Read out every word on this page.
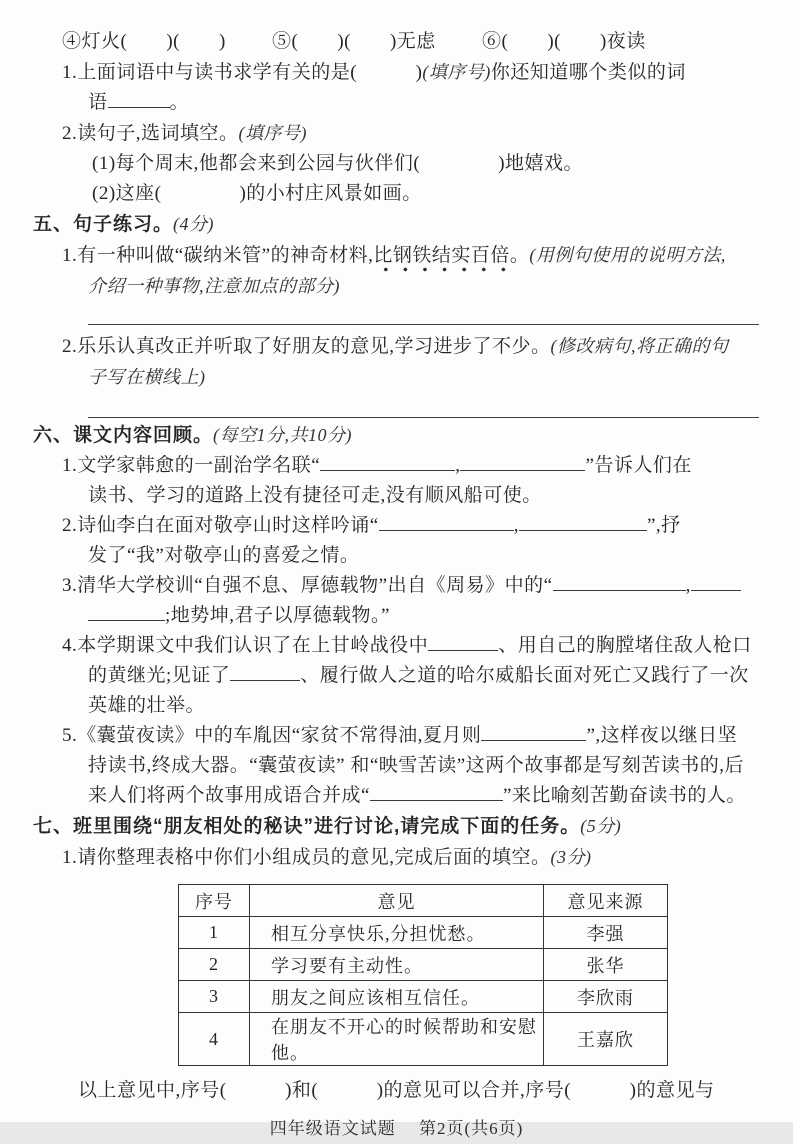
④灯火(　　)(　　)	⑤(　　)(　　)无虑	⑥(　　)(　　)夜读
1.上面词语中与读书求学有关的是(　　　)(填序号)你还知道哪个类似的词
语	。
2.读句子,选词填空。(填序号)
(1)每个周末,他都会来到公园与伙伴们(　　　　)地嬉戏。
(2)这座(　　　　)的小村庄风景如画。
五、句子练习。(4分)
1.有一种叫做“碳纳米管”的神奇材料,比钢铁结实百倍。(用例句使用的说明方法,
介绍一种事物,注意加点的部分)
2.乐乐认真改正并听取了好朋友的意见,学习进步了不少。(修改病句,将正确的句
子写在横线上)
六、课文内容回顾。(每空1分,共10分)
1.文学家韩愈的一副治学名联“	,	”告诉人们在
读书、学习的道路上没有捷径可走,没有顺风船可使。
2.诗仙李白在面对敬亭山时这样吟诵“	,	”,抒
发了“我”对敬亭山的喜爱之情。
3.清华大学校训“自强不息、厚德载物”出自《周易》中的“	,
;地势坤,君子以厚德载物。”
4.本学期课文中我们认识了在上甘岭战役中	、用自己的胸膛堵住敌人枪口
的黄继光;见证了	、履行做人之道的哈尔威船长面对死亡又践行了一次
英雄的壮举。
5.《囊萤夜读》中的车胤因“家贫不常得油,夏月则	”,这样夜以继日坚
持读书,终成大器。“囊萤夜读” 和“映雪苦读”这两个故事都是写刻苦读书的,后
来人们将两个故事用成语合并成“	”来比喻刻苦勤奋读书的人。
七、班里围绕“朋友相处的秘诀”进行讨论,请完成下面的任务。(5分)
1.请你整理表格中你们小组成员的意见,完成后面的填空。(3分)
序号	意见	意见来源
1	相互分享快乐,分担忧愁。	李强
2	学习要有主动性。	张华
3	朋友之间应该相互信任。	李欣雨
4	在朋友不开心的时候帮助和安慰他。	王嘉欣
以上意见中,序号(　　　)和(　　　)的意见可以合并,序号(　　　)的意见与
四年级语文试题　 第2页(共6页)
